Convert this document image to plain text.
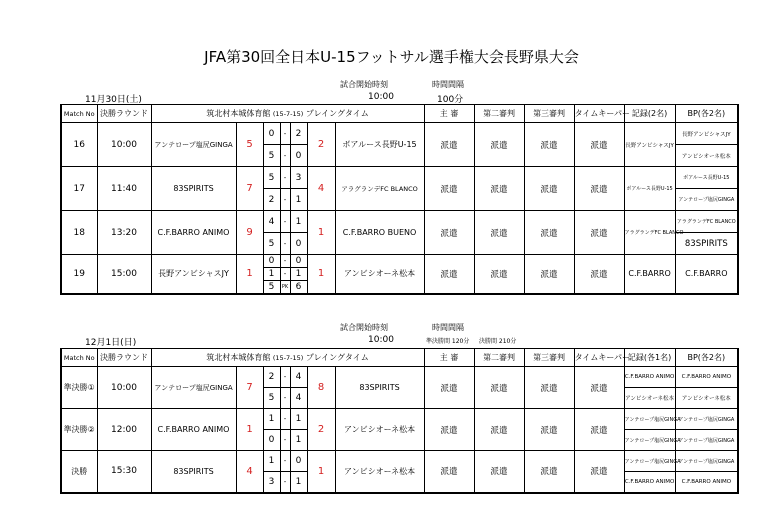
JFA第30回全日本U-15フットサル選手権大会長野県大会
試合開始時刻	時間間隔
11月30日(土)	10:00	100分
Match No	決勝ラウンド	筑北村本城体育館 (15-7-15) プレイングタイム							主 審	第二審判	第三審判	タイムキーパー	記録(2名)	BP(各2名)
16	10:00	アンテロープ塩尻GINGA	5	0	-	2	2	ボアルース長野U-15	派遣	派遣	派遣	派遣	長野アンビシャスJY	長野アンビシャスJY
				5	-	0								アンビシオーネ松本
17	11:40	83SPIRITS	7	5	-	3	4	アラグランデFC BLANCO	派遣	派遣	派遣	派遣	ボアルース長野U-15	ボアルース長野U-15
				2	-	1								アンテロープ塩尻GINGA
18	13:20	C.F.BARRO ANIMO	9	4	-	1	1	C.F.BARRO BUENO	派遣	派遣	派遣	派遣	アラグランデFC BLANCO	アラグランデFC BLANCO
				5	-	0								83SPIRITS
19	15:00	長野アンビシャスJY	1	0	-	0	1	アンビシオーネ松本	派遣	派遣	派遣	派遣	C.F.BARRO	C.F.BARRO
				1	-	1								
				5	PK	6								
試合開始時刻	時間間隔
12月1日(日)	10:00	準決勝間 120分 決勝間 210分
Match No	決勝ラウンド	筑北村本城体育館 (15-7-15) プレイングタイム							主 審	第二審判	第三審判	タイムキーパー	記録(各1名)	BP(各2名)
準決勝①	10:00	アンテロープ塩尻GINGA	7	2	-	4	8	83SPIRITS	派遣	派遣	派遣	派遣	C.F.BARRO ANIMO	C.F.BARRO ANIMO
				5	-	4							アンビシオーネ松本	アンビシオーネ松本
準決勝②	12:00	C.F.BARRO ANIMO	1	1	-	1	2	アンビシオーネ松本	派遣	派遣	派遣	派遣	アンテロープ塩尻GINGA	アンテロープ塩尻GINGA
				0	-	1							アンテロープ塩尻GINGA	アンテロープ塩尻GINGA
決勝	15:30	83SPIRITS	4	1	-	0	1	アンビシオーネ松本	派遣	派遣	派遣	派遣	アンテロープ塩尻GINGA	アンテロープ塩尻GINGA
				3	-	1							C.F.BARRO ANIMO	C.F.BARRO ANIMO
